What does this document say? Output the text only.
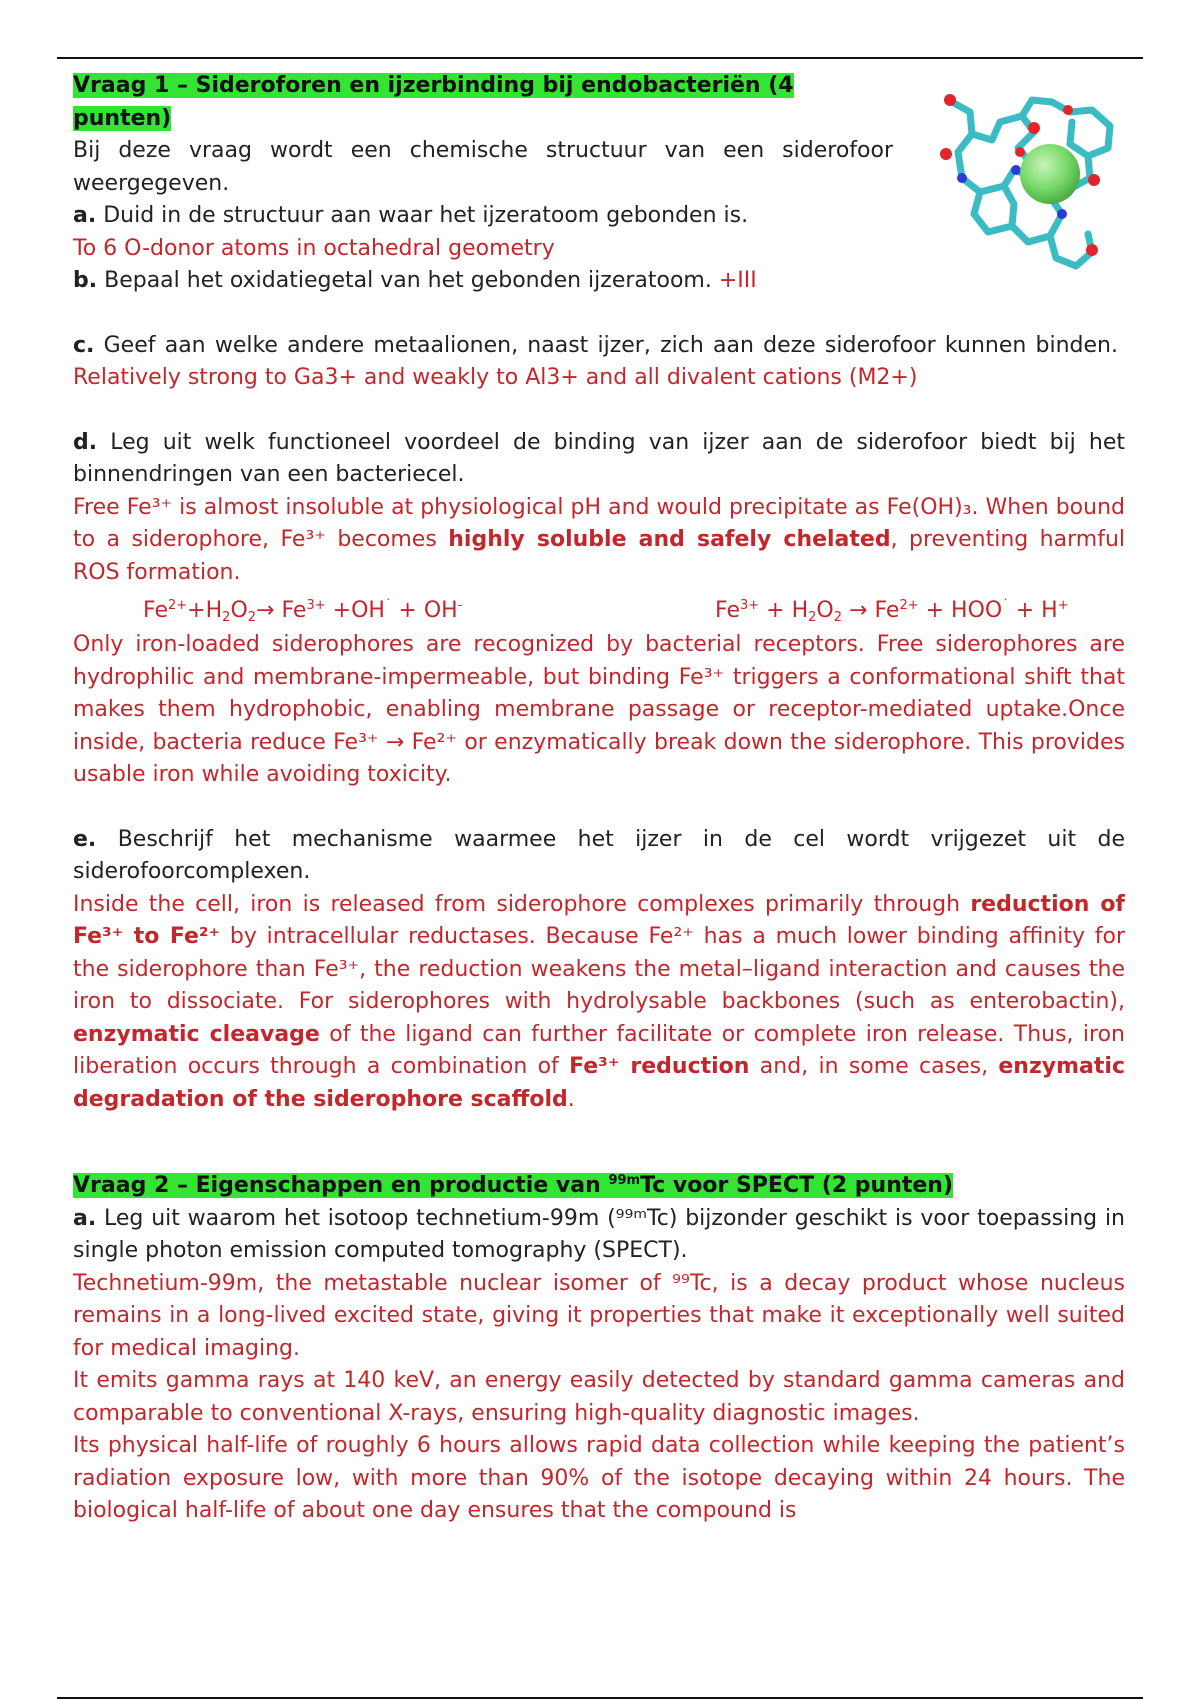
Vraag 1 – Sideroforen en ijzerbinding bij endobacteriën (4 punten)

Bij deze vraag wordt een chemische structuur van een siderofoor weergegeven.

a. Duid in de structuur aan waar het ijzeratoom gebonden is.

To 6 O-donor atoms in octahedral geometry

b. Bepaal het oxidatiegetal van het gebonden ijzeratoom. +III

c. Geef aan welke andere metaalionen, naast ijzer, zich aan deze siderofoor kunnen binden.  Relatively strong to Ga3+ and weakly to Al3+ and all divalent cations (M2+)

d. Leg uit welk functioneel voordeel de binding van ijzer aan de siderofoor biedt bij het binnendringen van een bacteriecel.

Free Fe³⁺ is almost insoluble at physiological pH and would precipitate as Fe(OH)₃. When bound to a siderophore, Fe³⁺ becomes highly soluble and safely chelated, preventing harmful ROS formation.

$Fe^{2+}+H_2O_2\to Fe^{3+} +OH^˙ + OH^-$	$Fe^{3+} + H_2O_2 \to Fe^{2+} + HOO^˙ + H^+$

Only iron-loaded siderophores are recognized by bacterial receptors. Free siderophores are hydrophilic and membrane-impermeable, but binding Fe³⁺ triggers a conformational shift that makes them hydrophobic, enabling membrane passage or receptor-mediated uptake.Once inside, bacteria reduce Fe³⁺ → Fe²⁺ or enzymatically break down the siderophore. This provides usable iron while avoiding toxicity.

e. Beschrijf het mechanisme waarmee het ijzer in de cel wordt vrijgezet uit de siderofoorcomplexen.

Inside the cell, iron is released from siderophore complexes primarily through reduction of Fe³⁺ to Fe²⁺ by intracellular reductases. Because Fe²⁺ has a much lower binding affinity for the siderophore than Fe³⁺, the reduction weakens the metal–ligand interaction and causes the iron to dissociate. For siderophores with hydrolysable backbones (such as enterobactin), enzymatic cleavage of the ligand can further facilitate or complete iron release. Thus, iron liberation occurs through a combination of Fe³⁺ reduction and, in some cases, enzymatic degradation of the siderophore scaffold.

Vraag 2 – Eigenschappen en productie van $^{99m}$Tc voor SPECT (2 punten)

a. Leg uit waarom het isotoop technetium-99m (⁹⁹ᵐTc) bijzonder geschikt is voor toepassing in single photon emission computed tomography (SPECT).

Technetium-99m, the metastable nuclear isomer of ⁹⁹Tc, is a decay product whose nucleus remains in a long-lived excited state, giving it properties that make it exceptionally well suited for medical imaging.

It emits gamma rays at 140 keV, an energy easily detected by standard gamma cameras and comparable to conventional X-rays, ensuring high-quality diagnostic images.

Its physical half-life of roughly 6 hours allows rapid data collection while keeping the patient’s radiation exposure low, with more than 90% of the isotope decaying within 24 hours. The biological half-life of about one day ensures that the compound is
